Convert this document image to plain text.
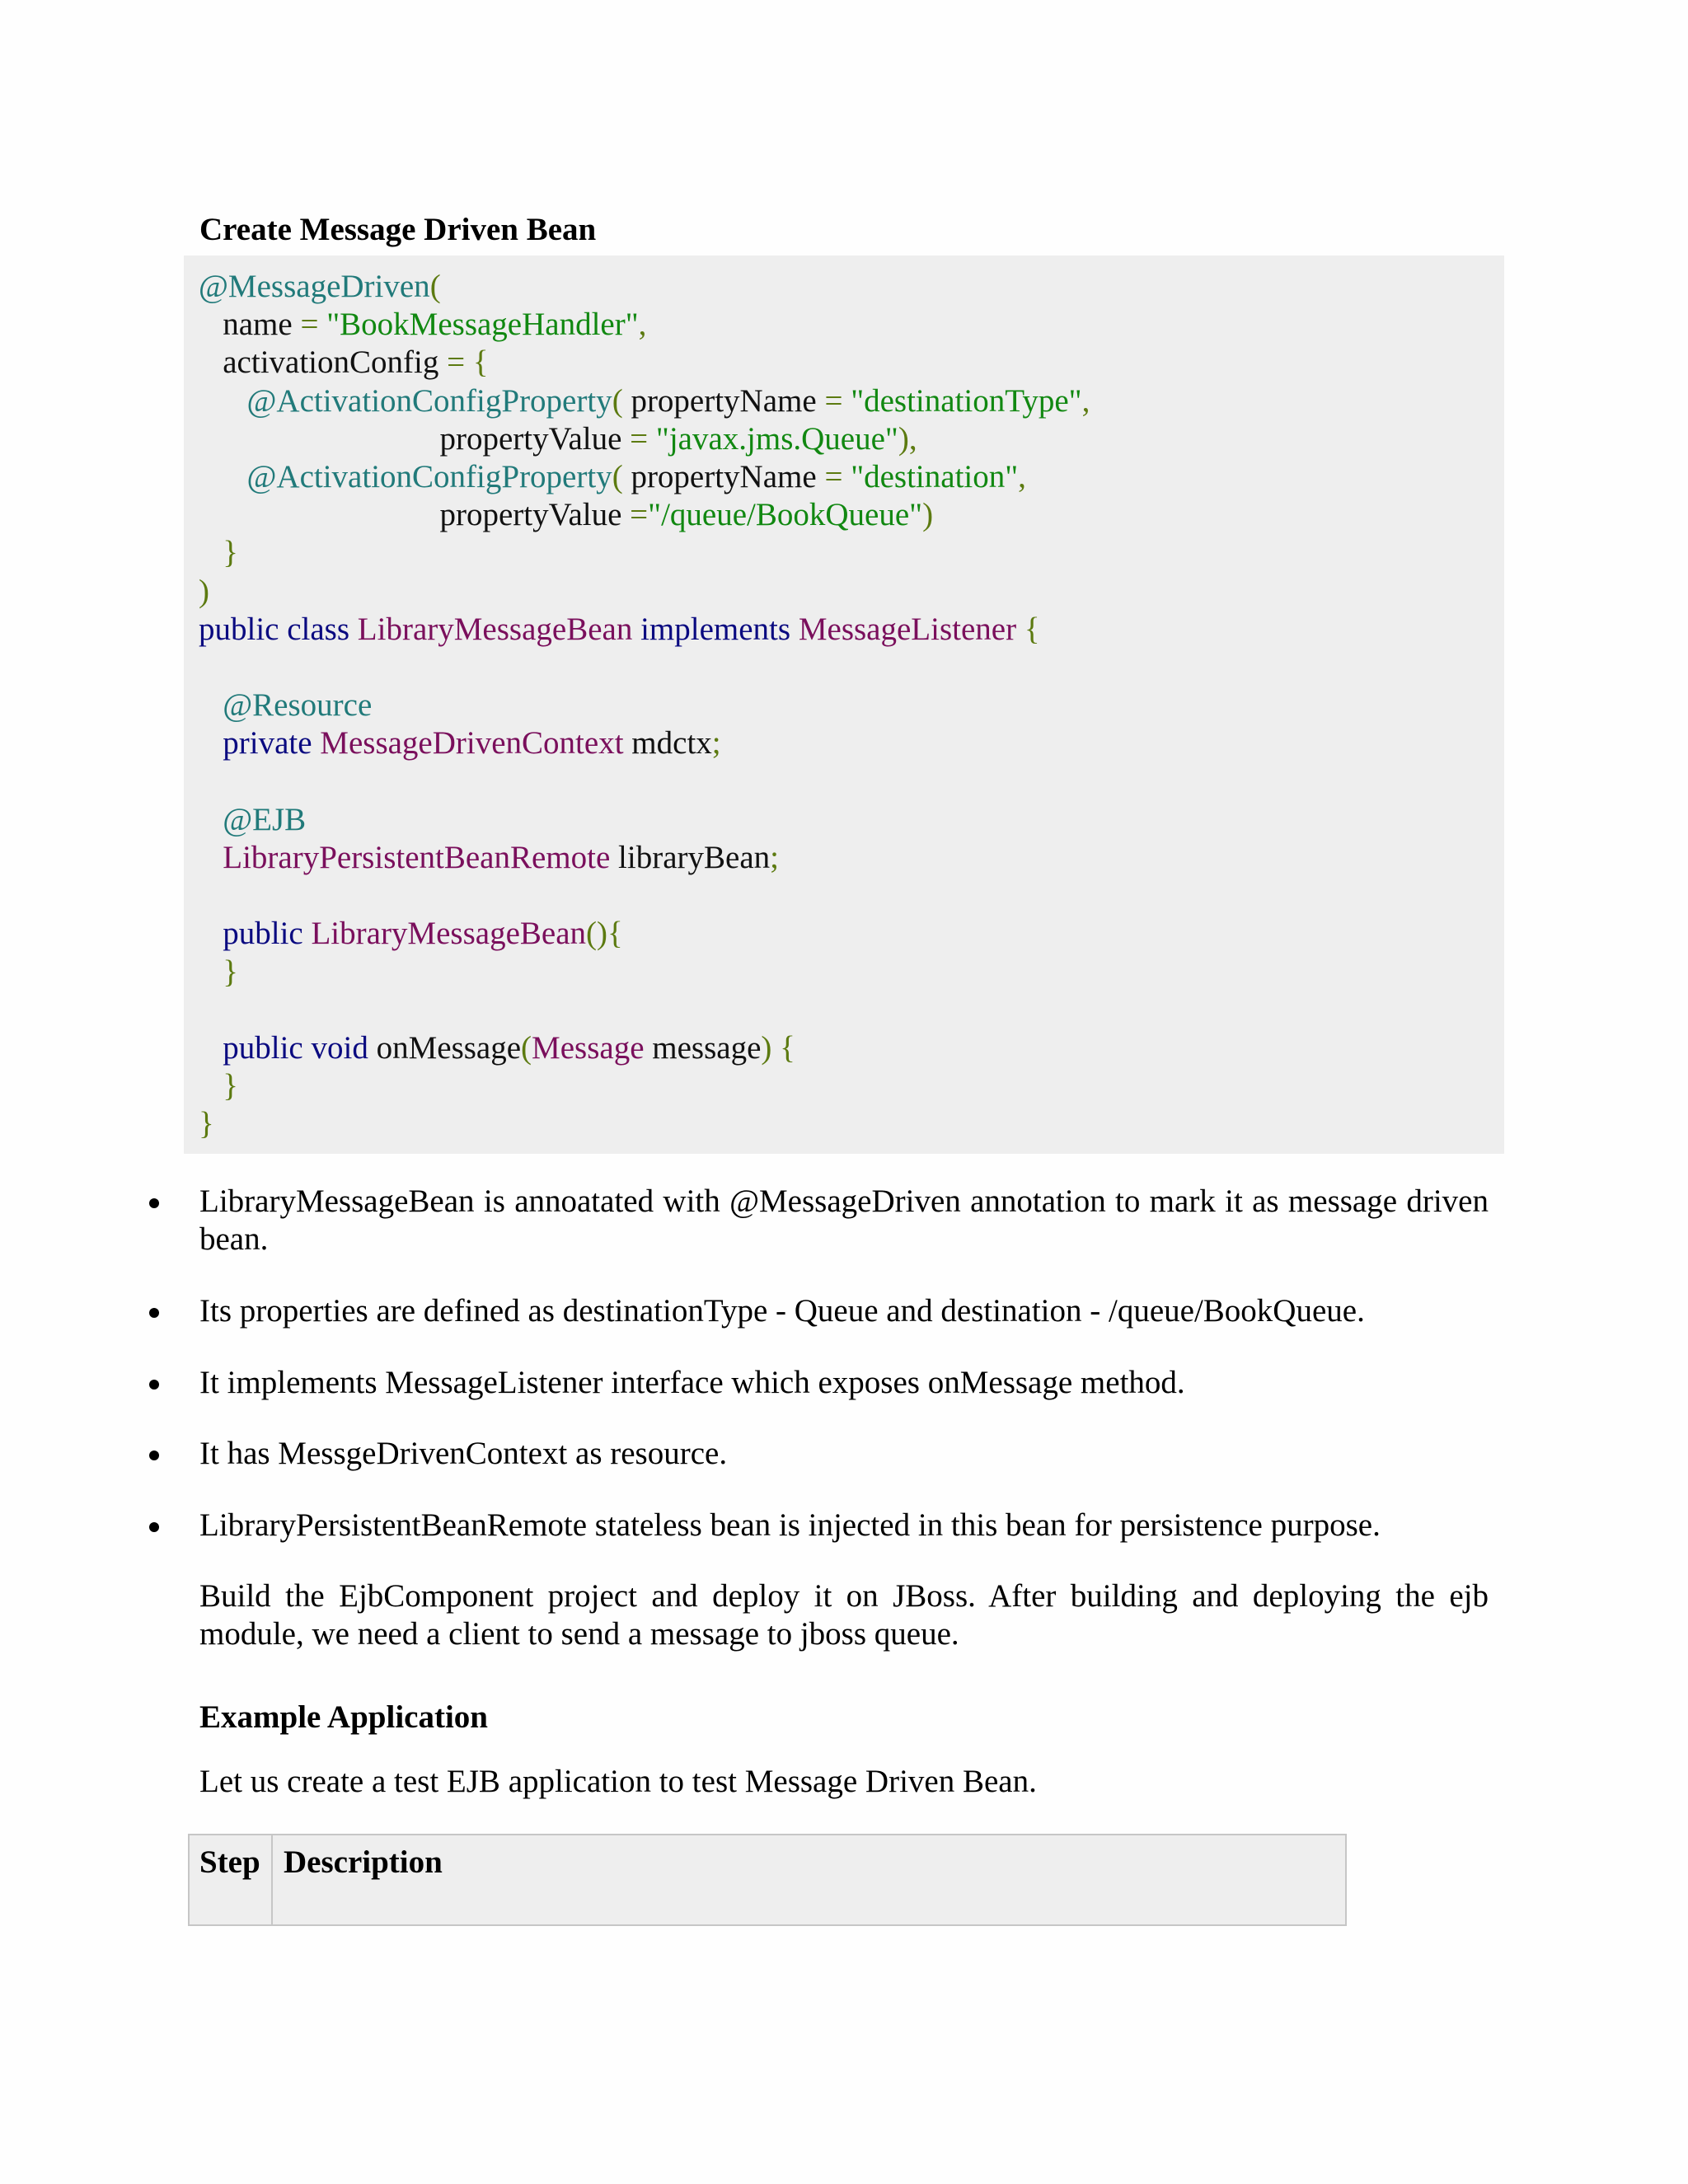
Create Message Driven Bean
@MessageDriven(
name = "BookMessageHandler",
activationConfig = {
@ActivationConfigProperty( propertyName = "destinationType",
propertyValue = "javax.jms.Queue"),
@ActivationConfigProperty( propertyName = "destination",
propertyValue ="/queue/BookQueue")
}
)
public class LibraryMessageBean implements MessageListener {
@Resource
private MessageDrivenContext mdctx;
@EJB
LibraryPersistentBeanRemote libraryBean;
public LibraryMessageBean(){
}
public void onMessage(Message message) {
}
}
LibraryMessageBean is annoatated with @MessageDriven annotation to mark it as message driven bean.
Its properties are defined as destinationType - Queue and destination - /queue/BookQueue.
It implements MessageListener interface which exposes onMessage method.
It has MessgeDrivenContext as resource.
LibraryPersistentBeanRemote stateless bean is injected in this bean for persistence purpose.
Build the EjbComponent project and deploy it on JBoss. After building and deploying the ejb module, we need a client to send a message to jboss queue.
Example Application
Let us create a test EJB application to test Message Driven Bean.
Step Description
